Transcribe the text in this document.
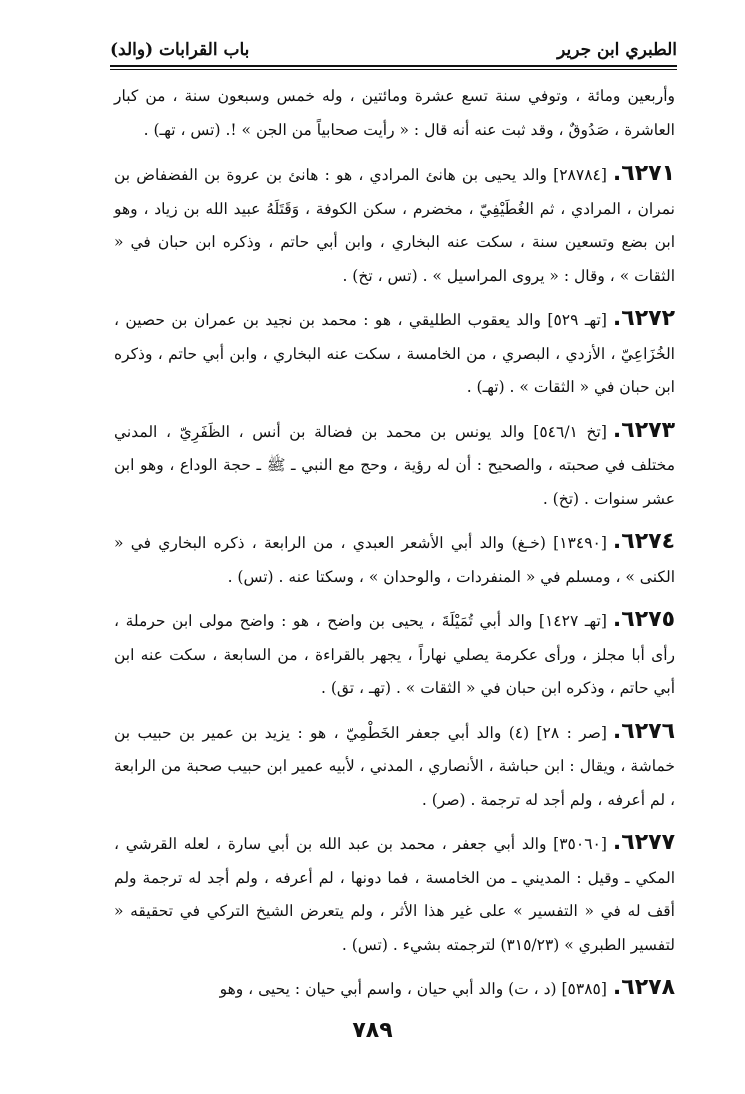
الطبري ابن جرير
باب القرابات (والد)

وأربعين ومائة ، وتوفي سنة تسع عشرة ومائتين ، وله خمس وسبعون سنة ، من كبار العاشرة ، صَدُوقٌ ، وقد ثبت عنه أنه قال : « رأيت صحابياً من الجن » !. (تس ، تهـ) .

٦٢٧١.[٢٨٧٨٤] والد يحيى بن هانئ المرادي ، هو : هانئ بن عروة بن الفضفاض بن نمران ، المرادي ، ثم الغُطَيْفِيّ ، مخضرم ، سكن الكوفة ، وَقَتَلَهُ عبيد الله بن زياد ، وهو ابن بضع وتسعين سنة ، سكت عنه البخاري ، وابن أبي حاتم ، وذكره ابن حبان في « الثقات » ، وقال : « يروى المراسيل » . (تس ، تخ) .

٦٢٧٢.[تهـ ٥٢٩] والد يعقوب الطليقي ، هو : محمد بن نجيد بن عمران بن حصين ، الخُزَاعِيّ ، الأزدي ، البصري ، من الخامسة ، سكت عنه البخاري ، وابن أبي حاتم ، وذكره ابن حبان في « الثقات » . (تهـ) .

٦٢٧٣.[تخ ٥٤٦/١] والد يونس بن محمد بن فضالة بن أنس ، الظَفَرِيّ ، المدني مختلف في صحبته ، والصحيح : أن له رؤية ، وحج مع النبي ـ ﷺ ـ حجة الوداع ، وهو ابن عشر سنوات . (تخ) .

٦٢٧٤.[١٣٤٩٠] (خـغ) والد أبي الأشعر العبدي ، من الرابعة ، ذكره البخاري في « الكنى » ، ومسلم في « المنفردات ، والوحدان » ، وسكتا عنه . (تس) .

٦٢٧٥.[تهـ ١٤٢٧] والد أبي تُمَيْلَةَ ، يحيى بن واضح ، هو : واضح مولى ابن حرملة ، رأى أبا مجلز ، ورأى عكرمة يصلي نهاراً ، يجهر بالقراءة ، من السابعة ، سكت عنه ابن أبي حاتم ، وذكره ابن حبان في « الثقات » . (تهـ ، تق) .

٦٢٧٦.[صر : ٢٨] (٤) والد أبي جعفر الخَطْمِيّ ، هو : يزيد بن عمير بن حبيب بن خماشة ، ويقال : ابن حباشة ، الأنصاري ، المدني ، لأبيه عمير ابن حبيب صحبة من الرابعة ، لم أعرفه ، ولم أجد له ترجمة . (صر) .

٦٢٧٧.[٣٥٠٦٠] والد أبي جعفر ، محمد بن عبد الله بن أبي سارة ، لعله القرشي ، المكي ـ وقيل : المديني ـ من الخامسة ، فما دونها ، لم أعرفه ، ولم أجد له ترجمة ولم أقف له في « التفسير » على غير هذا الأثر ، ولم يتعرض الشيخ التركي في تحقيقه « لتفسير الطبري » (٣١٥/٢٣) لترجمته بشيء . (تس) .

٦٢٧٨.[٥٣٨٥] (د ، ت) والد أبي حيان ، واسم أبي حيان : يحيى ، وهو

٧٨٩
